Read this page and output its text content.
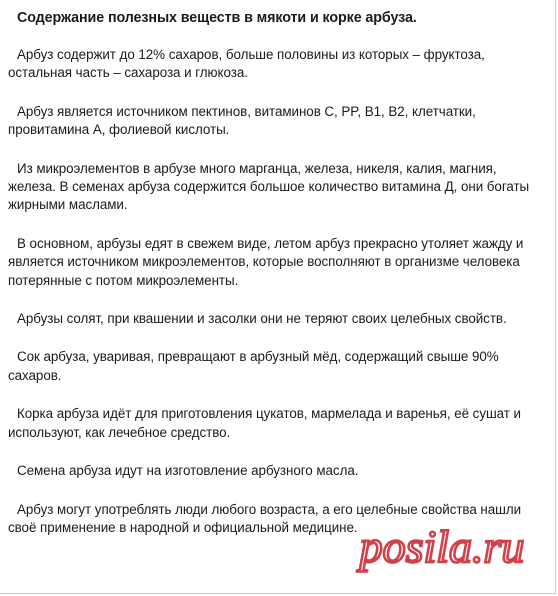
Содержание полезных веществ в мякоти и корке арбуза.

Арбуз содержит до 12% сахаров, больше половины из которых – фруктоза, остальная часть – сахароза и глюкоза.

Арбуз является источником пектинов, витаминов С, PP, B1, B2, клетчатки, провитамина А, фолиевой кислоты.

Из микроэлементов в арбузе много марганца, железа, никеля, калия, магния, железа. В семенах арбуза содержится большое количество витамина Д, они богаты жирными маслами.

В основном, арбузы едят в свежем виде, летом арбуз прекрасно утоляет жажду и является источником микроэлементов, которые восполняют в организме человека потерянные с потом микроэлементы.

Арбузы солят, при квашении и засолки они не теряют своих целебных свойств.

Сок арбуза, уваривая, превращают в арбузный мёд, содержащий свыше 90% сахаров.

Корка арбуза идёт для приготовления цукатов, мармелада и варенья, её сушат и используют, как лечебное средство.

Семена арбуза идут на изготовление арбузного масла.

Арбуз могут употреблять люди любого возраста, а его целебные свойства нашли своё применение в народной и официальной медицине. posila.ru
